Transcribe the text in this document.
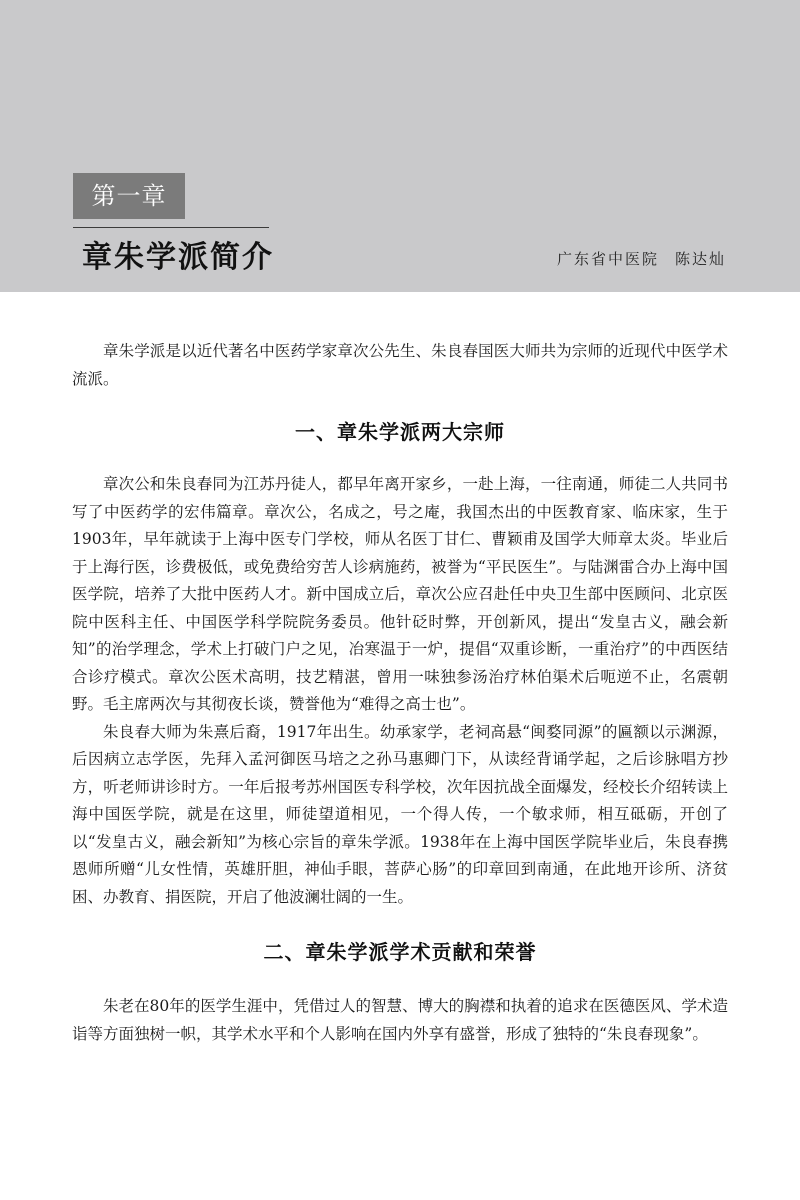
第一章
章朱学派简介	广东省中医院 陈达灿

章朱学派是以近代著名中医药学家章次公先生、朱良春国医大师共为宗师的近现代中医学术流派。

一、章朱学派两大宗师

章次公和朱良春同为江苏丹徒人，都早年离开家乡，一赴上海，一往南通，师徒二人共同书写了中医药学的宏伟篇章。章次公，名成之，号之庵，我国杰出的中医教育家、临床家，生于1903年，早年就读于上海中医专门学校，师从名医丁甘仁、曹颖甫及国学大师章太炎。毕业后于上海行医，诊费极低，或免费给穷苦人诊病施药，被誉为“平民医生”。与陆渊雷合办上海中国医学院，培养了大批中医药人才。新中国成立后，章次公应召赴任中央卫生部中医顾问、北京医院中医科主任、中国医学科学院院务委员。他针砭时弊，开创新风，提出“发皇古义，融会新知”的治学理念，学术上打破门户之见，冶寒温于一炉，提倡“双重诊断，一重治疗”的中西医结合诊疗模式。章次公医术高明，技艺精湛，曾用一味独参汤治疗林伯渠术后呃逆不止，名震朝野。毛主席两次与其彻夜长谈，赞誉他为“难得之高士也”。

朱良春大师为朱熹后裔，1917年出生。幼承家学，老祠高悬“闽婺同源”的匾额以示渊源，后因病立志学医，先拜入孟河御医马培之之孙马惠卿门下，从读经背诵学起，之后诊脉唱方抄方，听老师讲诊时方。一年后报考苏州国医专科学校，次年因抗战全面爆发，经校长介绍转读上海中国医学院，就是在这里，师徒望道相见，一个得人传，一个敏求师，相互砥砺，开创了以“发皇古义，融会新知”为核心宗旨的章朱学派。1938年在上海中国医学院毕业后，朱良春携恩师所赠“儿女性情，英雄肝胆，神仙手眼，菩萨心肠”的印章回到南通，在此地开诊所、济贫困、办教育、捐医院，开启了他波澜壮阔的一生。

二、章朱学派学术贡献和荣誉

朱老在80年的医学生涯中，凭借过人的智慧、博大的胸襟和执着的追求在医德医风、学术造诣等方面独树一帜，其学术水平和个人影响在国内外享有盛誉，形成了独特的“朱良春现象”。
